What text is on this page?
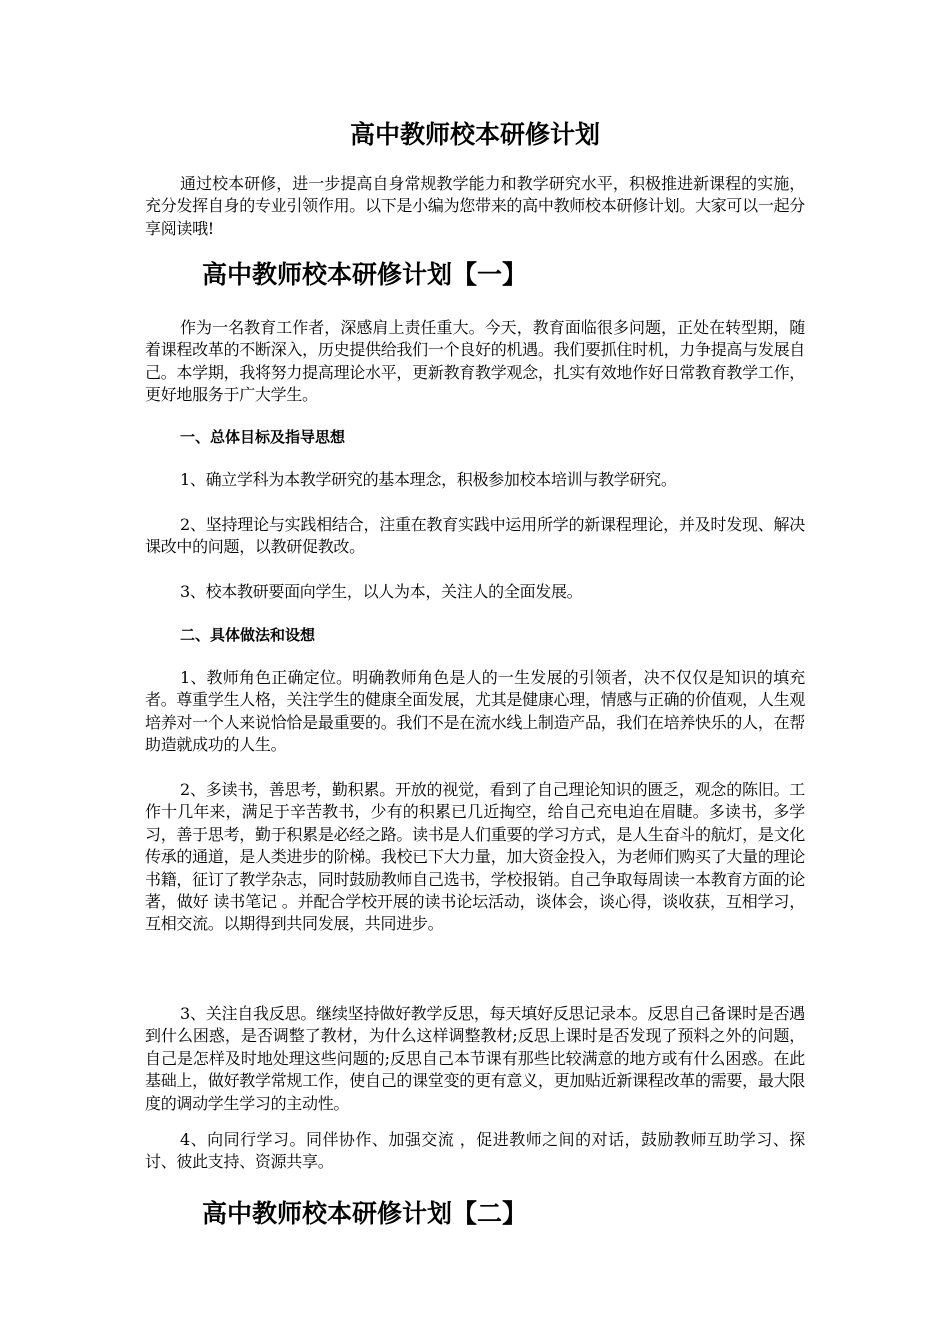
高中教师校本研修计划

通过校本研修，进一步提高自身常规教学能力和教学研究水平，积极推进新课程的实施，充分发挥自身的专业引领作用。以下是小编为您带来的高中教师校本研修计划。大家可以一起分享阅读哦!

高中教师校本研修计划【一】

作为一名教育工作者，深感肩上责任重大。今天，教育面临很多问题，正处在转型期，随着课程改革的不断深入，历史提供给我们一个良好的机遇。我们要抓住时机，力争提高与发展自己。本学期，我将努力提高理论水平，更新教育教学观念，扎实有效地作好日常教育教学工作，更好地服务于广大学生。

一、总体目标及指导思想

1、确立学科为本教学研究的基本理念，积极参加校本培训与教学研究。

2、坚持理论与实践相结合，注重在教育实践中运用所学的新课程理论，并及时发现、解决课改中的问题，以教研促教改。

3、校本教研要面向学生，以人为本，关注人的全面发展。

二、具体做法和设想

1、教师角色正确定位。明确教师角色是人的一生发展的引领者，决不仅仅是知识的填充者。尊重学生人格，关注学生的健康全面发展，尤其是健康心理，情感与正确的价值观，人生观培养对一个人来说恰恰是最重要的。我们不是在流水线上制造产品，我们在培养快乐的人，在帮助造就成功的人生。

2、多读书，善思考，勤积累。开放的视觉，看到了自己理论知识的匮乏，观念的陈旧。工作十几年来，满足于辛苦教书，少有的积累已几近掏空，给自己充电迫在眉睫。多读书，多学习，善于思考，勤于积累是必经之路。读书是人们重要的学习方式，是人生奋斗的航灯，是文化传承的通道，是人类进步的阶梯。我校已下大力量，加大资金投入，为老师们购买了大量的理论书籍，征订了教学杂志，同时鼓励教师自己选书，学校报销。自己争取每周读一本教育方面的论著，做好 读书笔记 。并配合学校开展的读书论坛活动，谈体会，谈心得，谈收获，互相学习，互相交流。以期得到共同发展，共同进步。

3、关注自我反思。继续坚持做好教学反思，每天填好反思记录本。反思自己备课时是否遇到什么困惑，是否调整了教材，为什么这样调整教材;反思上课时是否发现了预料之外的问题，自己是怎样及时地处理这些问题的;反思自己本节课有那些比较满意的地方或有什么困惑。在此基础上，做好教学常规工作，使自己的课堂变的更有意义，更加贴近新课程改革的需要，最大限度的调动学生学习的主动性。

4、向同行学习。同伴协作、加强交流 ，促进教师之间的对话，鼓励教师互助学习、探讨、彼此支持、资源共享。

高中教师校本研修计划【二】
